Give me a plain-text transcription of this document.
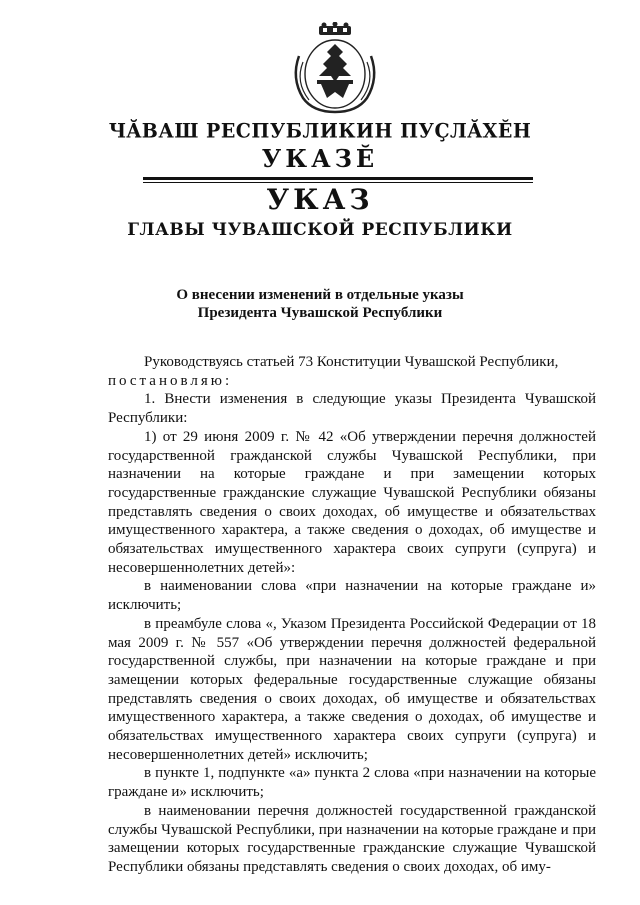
ЧĂВАШ РЕСПУБЛИКИН ПУÇЛĂХĔН
УКАЗĔ
УКАЗ
ГЛАВЫ ЧУВАШСКОЙ РЕСПУБЛИКИ
О внесении изменений в отдельные указы
Президента Чувашской Республики

Руководствуясь статьей 73 Конституции Чувашской Республики,

постановляю:

1. Внести изменения в следующие указы Президента Чувашской Республики:

1) от 29 июня 2009 г. № 42 «Об утверждении перечня должностей государственной гражданской службы Чувашской Республики, при назначении на которые граждане и при замещении которых государственные гражданские служащие Чувашской Республики обязаны представлять сведения о своих доходах, об имуществе и обязательствах имущественного характера, а также сведения о доходах, об имуществе и обязательствах имущественного характера своих супруги (супруга) и несовершеннолетних детей»:

в наименовании слова «при назначении на которые граждане и» исключить;

в преамбуле слова «, Указом Президента Российской Федерации от 18 мая 2009 г. № 557 «Об утверждении перечня должностей федеральной государственной службы, при назначении на которые граждане и при замещении которых федеральные государственные служащие обязаны представлять сведения о своих доходах, об имуществе и обязательствах имущественного характера, а также сведения о доходах, об имуществе и обязательствах имущественного характера своих супруги (супруга) и несовершеннолетних детей» исключить;

в пункте 1, подпункте «а» пункта 2 слова «при назначении на которые граждане и» исключить;

в наименовании перечня должностей государственной гражданской службы Чувашской Республики, при назначении на которые граждане и при замещении которых государственные гражданские служащие Чувашской Республики обязаны представлять сведения о своих доходах, об иму-
